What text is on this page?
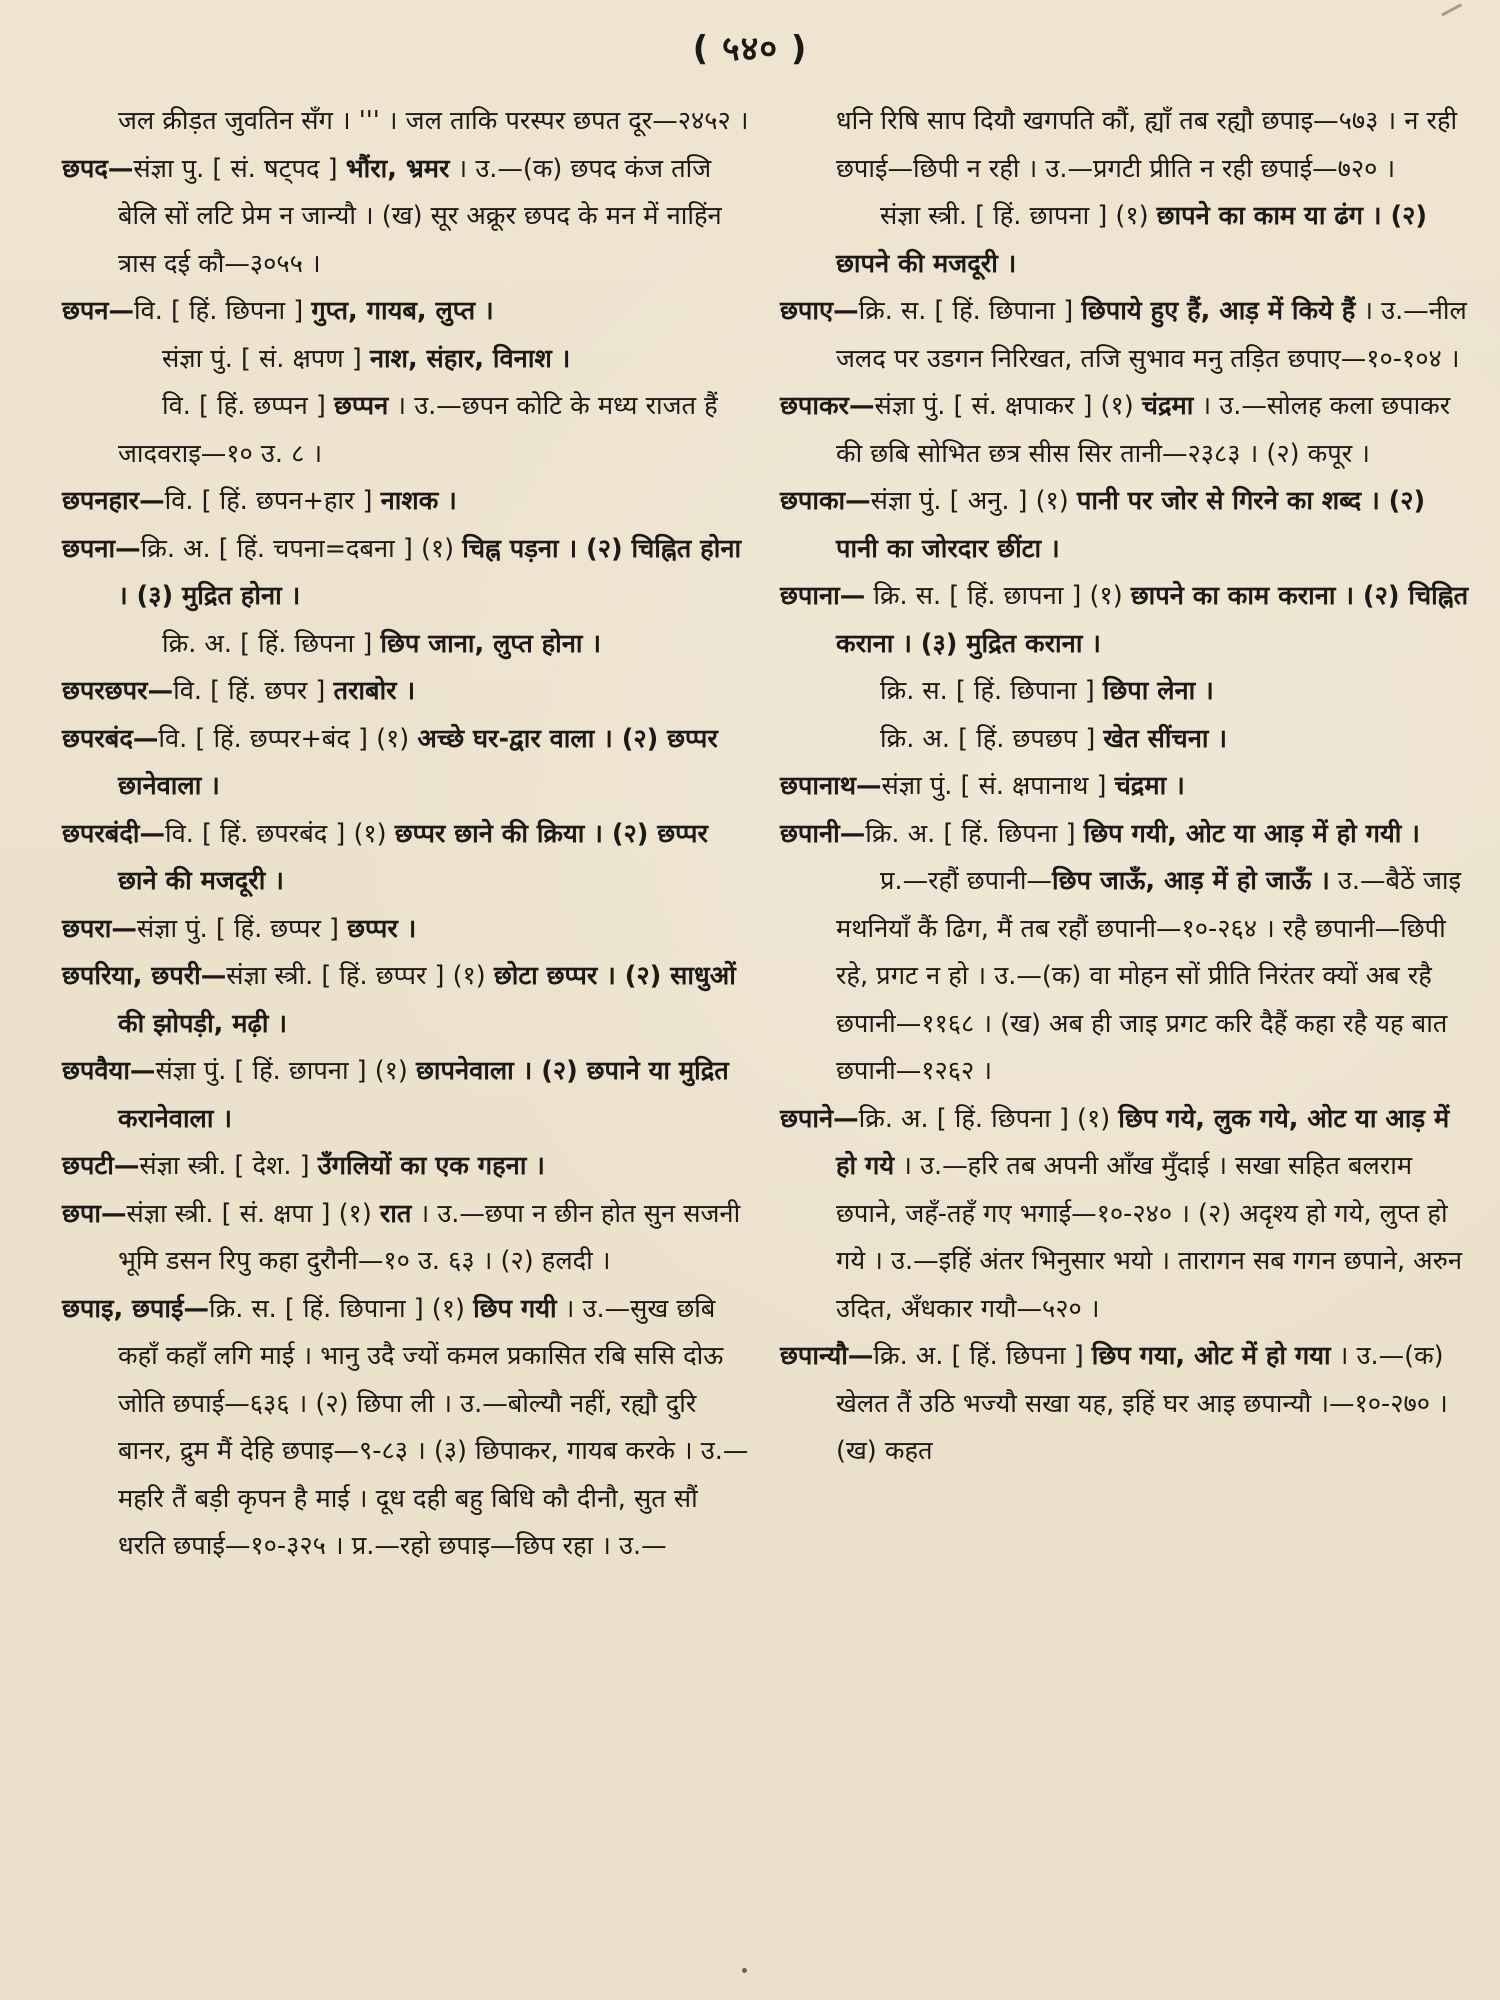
( ५४० )

जल क्रीड़त जुवतिन सँग । ''' । जल ताकि परस्पर छपत दूर—२४५२ ।

छपद—संज्ञा पु. [ सं. षट्पद ] भौंरा, भ्रमर । उ.—(क) छपद कंज तजि बेलि सों लटि प्रेम न जान्यौ । (ख) सूर अक्रूर छपद के मन में नाहिंन त्रास दई कौ—३०५५ ।

छपन—वि. [ हिं. छिपना ] गुप्त, गायब, लुप्त ।

संज्ञा पुं. [ सं. क्षपण ] नाश, संहार, विनाश ।

वि. [ हिं. छप्पन ] छप्पन । उ.—छपन कोटि के मध्य राजत हैं जादवराइ—१० उ. ८ ।

छपनहार—वि. [ हिं. छपन+हार ] नाशक ।

छपना—क्रि. अ. [ हिं. चपना=दबना ] (१) चिह्न पड़ना । (२) चिह्नित होना । (३) मुद्रित होना ।

क्रि. अ. [ हिं. छिपना ] छिप जाना, लुप्त होना ।

छपरछपर—वि. [ हिं. छपर ] तराबोर ।

छपरबंद—वि. [ हिं. छप्पर+बंद ] (१) अच्छे घर-द्वार वाला । (२) छप्पर छानेवाला ।

छपरबंदी—वि. [ हिं. छपरबंद ] (१) छप्पर छाने की क्रिया । (२) छप्पर छाने की मजदूरी ।

छपरा—संज्ञा पुं. [ हिं. छप्पर ] छप्पर ।

छपरिया, छपरी—संज्ञा स्त्री. [ हिं. छप्पर ] (१) छोटा छप्पर । (२) साधुओं की झोपड़ी, मढ़ी ।

छपवैया—संज्ञा पुं. [ हिं. छापना ] (१) छापनेवाला । (२) छपाने या मुद्रित करानेवाला ।

छपटी—संज्ञा स्त्री. [ देश. ] उँगलियों का एक गहना ।

छपा—संज्ञा स्त्री. [ सं. क्षपा ] (१) रात । उ.—छपा न छीन होत सुन सजनी भूमि डसन रिपु कहा दुरौनी—१० उ. ६३ । (२) हलदी ।

छपाइ, छपाई—क्रि. स. [ हिं. छिपाना ] (१) छिप गयी । उ.—सुख छबि कहाँ कहाँ लगि माई । भानु उदै ज्यों कमल प्रकासित रबि ससि दोऊ जोति छपाई—६३६ । (२) छिपा ली । उ.—बोल्यौ नहीं, रह्यौ दुरि बानर, द्रुम मैं देहि छपाइ—९-८३ । (३) छिपाकर, गायब करके । उ.—महरि तैं बड़ी कृपन है माई । दूध दही बहु बिधि कौ दीनौ, सुत सौं धरति छपाई—१०-३२५ । प्र.—रहो छपाइ—छिप रहा । उ.—

धनि रिषि साप दियौ खगपति कौं, ह्याँ तब रह्यौ छपाइ—५७३ । न रही छपाई—छिपी न रही । उ.—प्रगटी प्रीति न रही छपाई—७२० ।

संज्ञा स्त्री. [ हिं. छापना ] (१) छापने का काम या ढंग । (२) छापने की मजदूरी ।

छपाए—क्रि. स. [ हिं. छिपाना ] छिपाये हुए हैं, आड़ में किये हैं । उ.—नील जलद पर उडगन निरिखत, तजि सुभाव मनु तड़ित छपाए—१०-१०४ ।

छपाकर—संज्ञा पुं. [ सं. क्षपाकर ] (१) चंद्रमा । उ.—सोलह कला छपाकर की छबि सोभित छत्र सीस सिर तानी—२३८३ । (२) कपूर ।

छपाका—संज्ञा पुं. [ अनु. ] (१) पानी पर जोर से गिरने का शब्द । (२) पानी का जोरदार छींटा ।

छपाना— क्रि. स. [ हिं. छापना ] (१) छापने का काम कराना । (२) चिह्नित कराना । (३) मुद्रित कराना ।

क्रि. स. [ हिं. छिपाना ] छिपा लेना ।

क्रि. अ. [ हिं. छपछप ] खेत सींचना ।

छपानाथ—संज्ञा पुं. [ सं. क्षपानाथ ] चंद्रमा ।

छपानी—क्रि. अ. [ हिं. छिपना ] छिप गयी, ओट या आड़ में हो गयी ।

प्र.—रहौं छपानी—छिप जाऊँ, आड़ में हो जाऊँ । उ.—बैठें जाइ मथनियाँ कैं ढिग, मैं तब रहौं छपानी—१०-२६४ । रहै छपानी—छिपी रहे, प्रगट न हो । उ.—(क) वा मोहन सों प्रीति निरंतर क्यों अब रहै छपानी—११६८ । (ख) अब ही जाइ प्रगट करि दैहैं कहा रहै यह बात छपानी—१२६२ ।

छपाने—क्रि. अ. [ हिं. छिपना ] (१) छिप गये, लुक गये, ओट या आड़ में हो गये । उ.—हरि तब अपनी आँख मुँदाई । सखा सहित बलराम छपाने, जहँ-तहँ गए भगाई—१०-२४० । (२) अदृश्य हो गये, लुप्त हो गये । उ.—इहिं अंतर भिनुसार भयो । तारागन सब गगन छपाने, अरुन उदित, अँधकार गयौ—५२० ।

छपान्यौ—क्रि. अ. [ हिं. छिपना ] छिप गया, ओट में हो गया । उ.—(क) खेलत तैं उठि भज्यौ सखा यह, इहिं घर आइ छपान्यौ ।—१०-२७० । (ख) कहत
